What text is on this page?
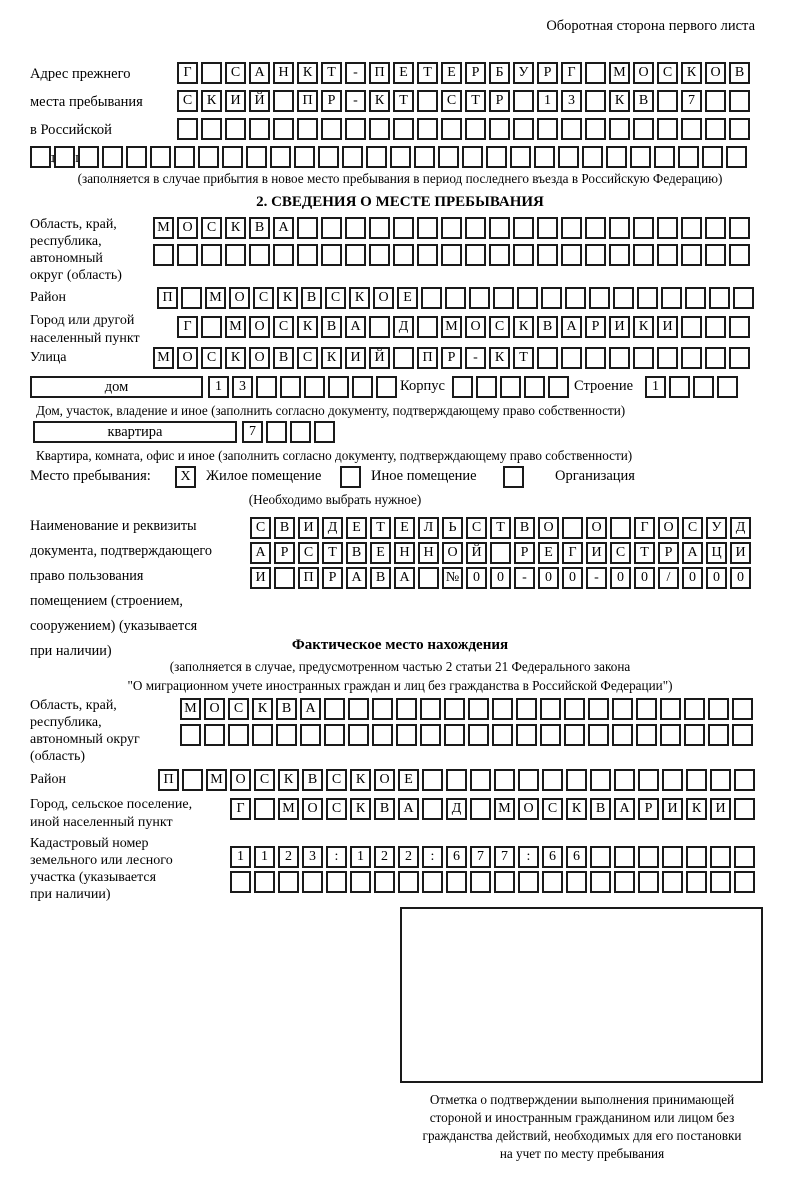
Оборотная сторона первого листа
Адрес прежнего
места пребывания
в Российской
Г	С	А Н	К	Т	-	П	Е	Т	Е	Р	Б	У	Р	Г	М О	С	К	О	В
С	К	И Й	П	Р	-	К	Т	С	Т	Р	1	3	К	В	7
(заполняется в случае прибытия в новое место пребывания в период последнего въезда в Российскую Федерацию)
2. СВЕДЕНИЯ О МЕСТЕ ПРЕБЫВАНИЯ
Область, край,
республика,
автономный
округ (область)
М О	С	К	В	А
Район	П	М О	С	К	В	С	К	О	Е
Город или другой
населенный пункт
Г	М О	С	К	В	А	Д	М О	С	К	В	А	Р	И	К	И
Улица	М О	С	К	О	В	С	К	И Й	П	Р	-	К	Т
дом	1	3	Корпус	Строение	1
Дом, участок, владение и иное (заполнить согласно документу, подтверждающему право собственности)
квартира	7
Квартира, комната, офис и иное (заполнить согласно документу, подтверждающему право собственности)
Место пребывания: X Жилое помещение	Иное помещение	Организация
(Необходимо выбрать нужное)
Наименование и реквизиты
документа, подтверждающего
право пользования
помещением (строением,
сооружением) (указывается
при наличии)
С	В	И	Д	Е	Т	Е	Л	Ь	С	Т	В	О	О	Г	О	С	У	Д
А	Р	С	Т	В	Е	Н Н О Й	Р	Е	Г	И	С	Т	Р	А Ц И
И	П	Р	А	В	А	№ 0	0	-	0	0	-	0	0	/	0	0	0
Фактическое место нахождения
(заполняется в случае, предусмотренном частью 2 статьи 21 Федерального закона
"О миграционном учете иностранных граждан и лиц без гражданства в Российской Федерации")
Область, край,
республика,
автономный округ
(область)
М О	С	К	В	А
Район	П	М О	С	К	В	С	К	О	Е
Город, сельское поселение,
иной населенный пункт
Г	М О	С	К	В	А	Д	М О	С	К	В	А	Р	И	К	И
Кадастровый номер
земельного или лесного
участка (указывается
при наличии)
1	1	2	3	:	1	2	2	:	6	7	7	:	6	6
Отметка о подтверждении выполнения принимающей
стороной и иностранным гражданином или лицом без
гражданства действий, необходимых для его постановки
на учет по месту пребывания
